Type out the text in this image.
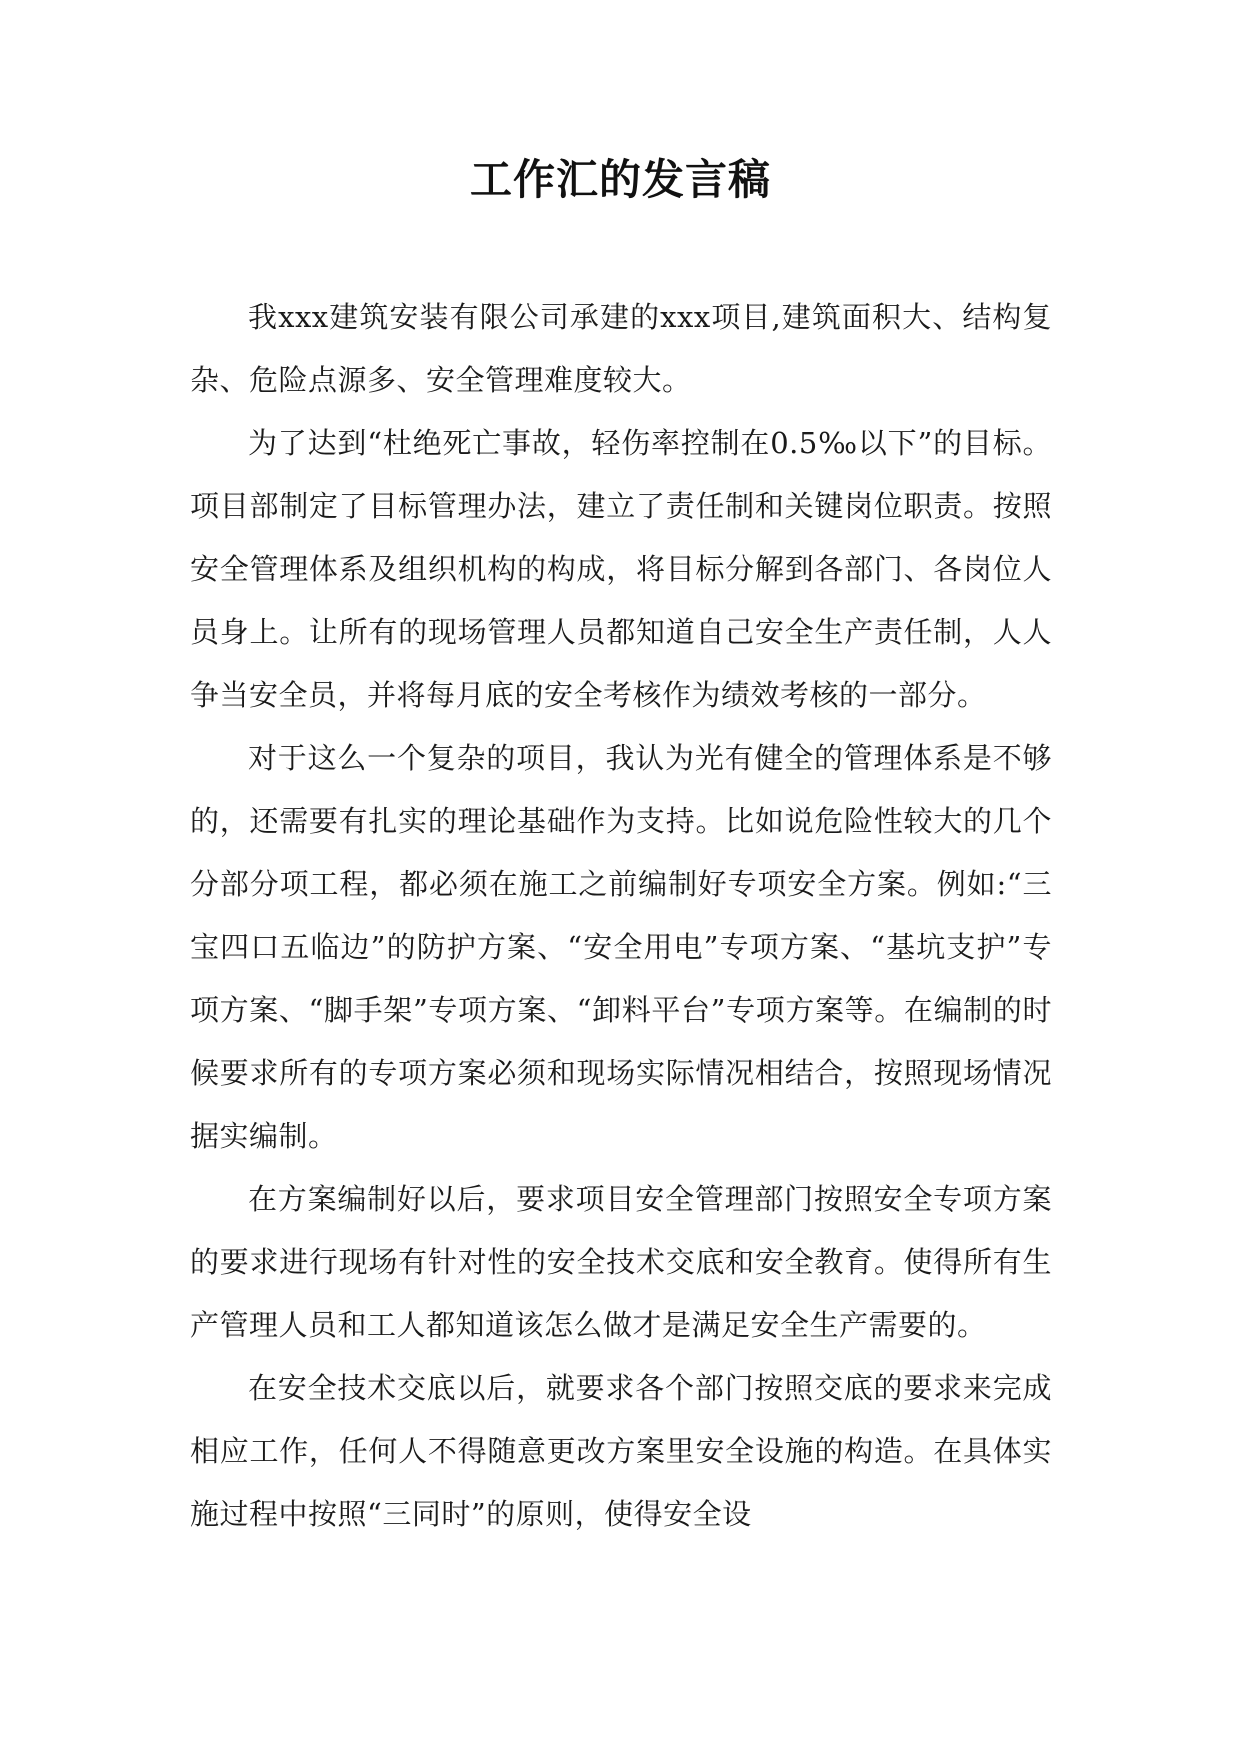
工作汇的发言稿

我xxx建筑安装有限公司承建的xxx项目,建筑面积大、结构复杂、危险点源多、安全管理难度较大。

为了达到“杜绝死亡事故，轻伤率控制在0.5‰以下”的目标。项目部制定了目标管理办法，建立了责任制和关键岗位职责。按照安全管理体系及组织机构的构成，将目标分解到各部门、各岗位人员身上。让所有的现场管理人员都知道自己安全生产责任制，人人争当安全员，并将每月底的安全考核作为绩效考核的一部分。

对于这么一个复杂的项目，我认为光有健全的管理体系是不够的，还需要有扎实的理论基础作为支持。比如说危险性较大的几个分部分项工程，都必须在施工之前编制好专项安全方案。例如:“三宝四口五临边”的防护方案、“安全用电”专项方案、“基坑支护”专项方案、“脚手架”专项方案、“卸料平台”专项方案等。在编制的时候要求所有的专项方案必须和现场实际情况相结合，按照现场情况据实编制。

在方案编制好以后，要求项目安全管理部门按照安全专项方案的要求进行现场有针对性的安全技术交底和安全教育。使得所有生产管理人员和工人都知道该怎么做才是满足安全生产需要的。

在安全技术交底以后，就要求各个部门按照交底的要求来完成相应工作，任何人不得随意更改方案里安全设施的构造。在具体实施过程中按照“三同时”的原则，使得安全设
